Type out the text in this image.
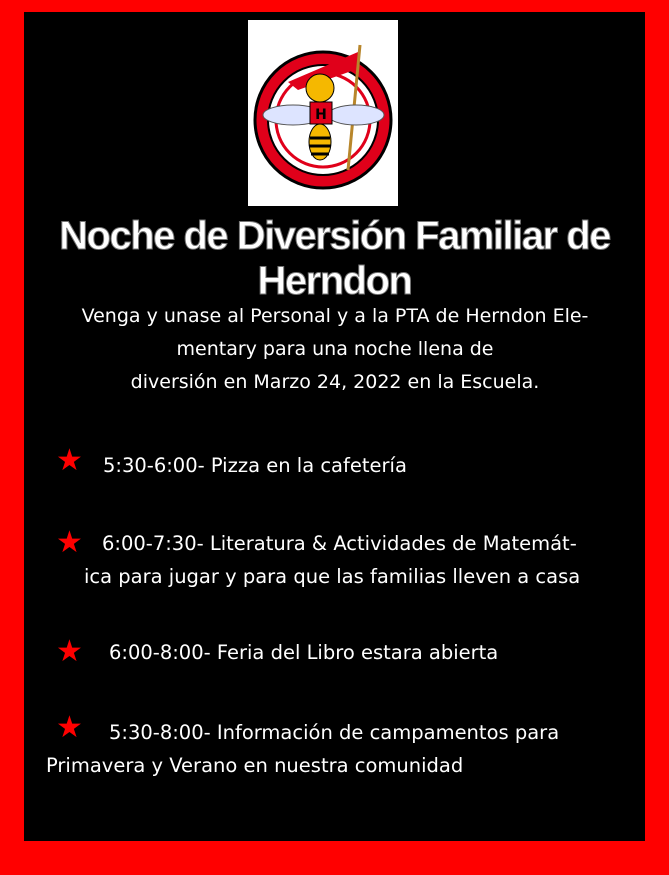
H
Noche de Diversión Familiar de Herndon
Venga y unase al Personal y a la PTA de Herndon Ele-
mentary para una noche llena de
diversión en Marzo 24, 2022 en la Escuela.
★ 5:30-6:00- Pizza en la cafetería
★ 6:00-7:30- Literatura & Actividades de Matemát-
ica para jugar y para que las familias lleven a casa
★ 6:00-8:00- Feria del Libro estara abierta
★	5:30-8:00- Información de campamentos para
Primavera y Verano en nuestra comunidad
